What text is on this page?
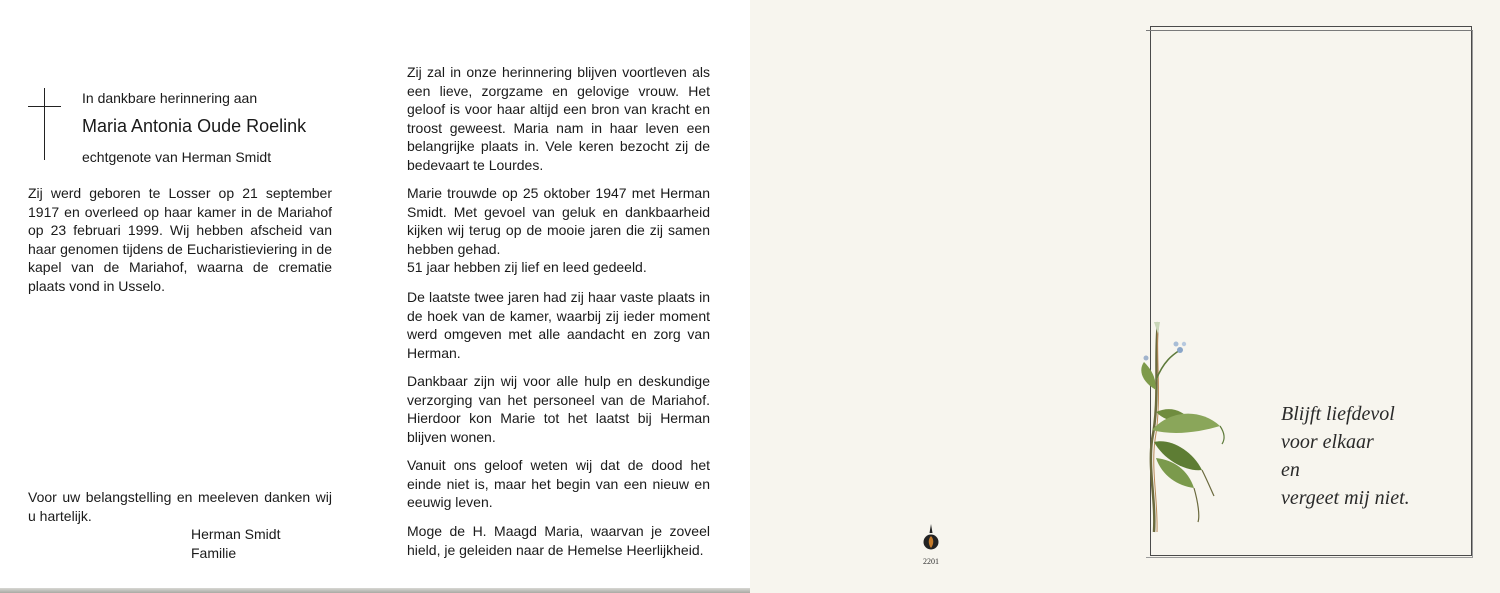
In dankbare herinnering aan
Maria Antonia Oude Roelink
echtgenote van Herman Smidt

Zij werd geboren te Losser op 21 september 1917 en overleed op haar kamer in de Mariahof op 23 februari 1999. Wij hebben afscheid van haar genomen tijdens de Eucharistieviering in de kapel van de Mariahof, waarna de crematie plaats vond in Usselo.

Voor uw belangstelling en meeleven danken wij u hartelijk.

Herman Smidt
Familie

Zij zal in onze herinnering blijven voortleven als een lieve, zorgzame en gelovige vrouw. Het geloof is voor haar altijd een bron van kracht en troost geweest. Maria nam in haar leven een belangrijke plaats in. Vele keren bezocht zij de bedevaart te Lourdes.

Marie trouwde op 25 oktober 1947 met Herman Smidt. Met gevoel van geluk en dankbaarheid kijken wij terug op de mooie jaren die zij samen hebben gehad.

51 jaar hebben zij lief en leed gedeeld.

De laatste twee jaren had zij haar vaste plaats in de hoek van de kamer, waarbij zij ieder moment werd omgeven met alle aandacht en zorg van Herman.

Dankbaar zijn wij voor alle hulp en deskundige verzorging van het personeel van de Mariahof. Hierdoor kon Marie tot het laatst bij Herman blijven wonen.

Vanuit ons geloof weten wij dat de dood het einde niet is, maar het begin van een nieuw en eeuwig leven.

Moge de H. Maagd Maria, waarvan je zoveel hield, je geleiden naar de Hemelse Heerlijkheid.

Blijft liefdevol
voor elkaar
en
vergeet mij niet.
2201
